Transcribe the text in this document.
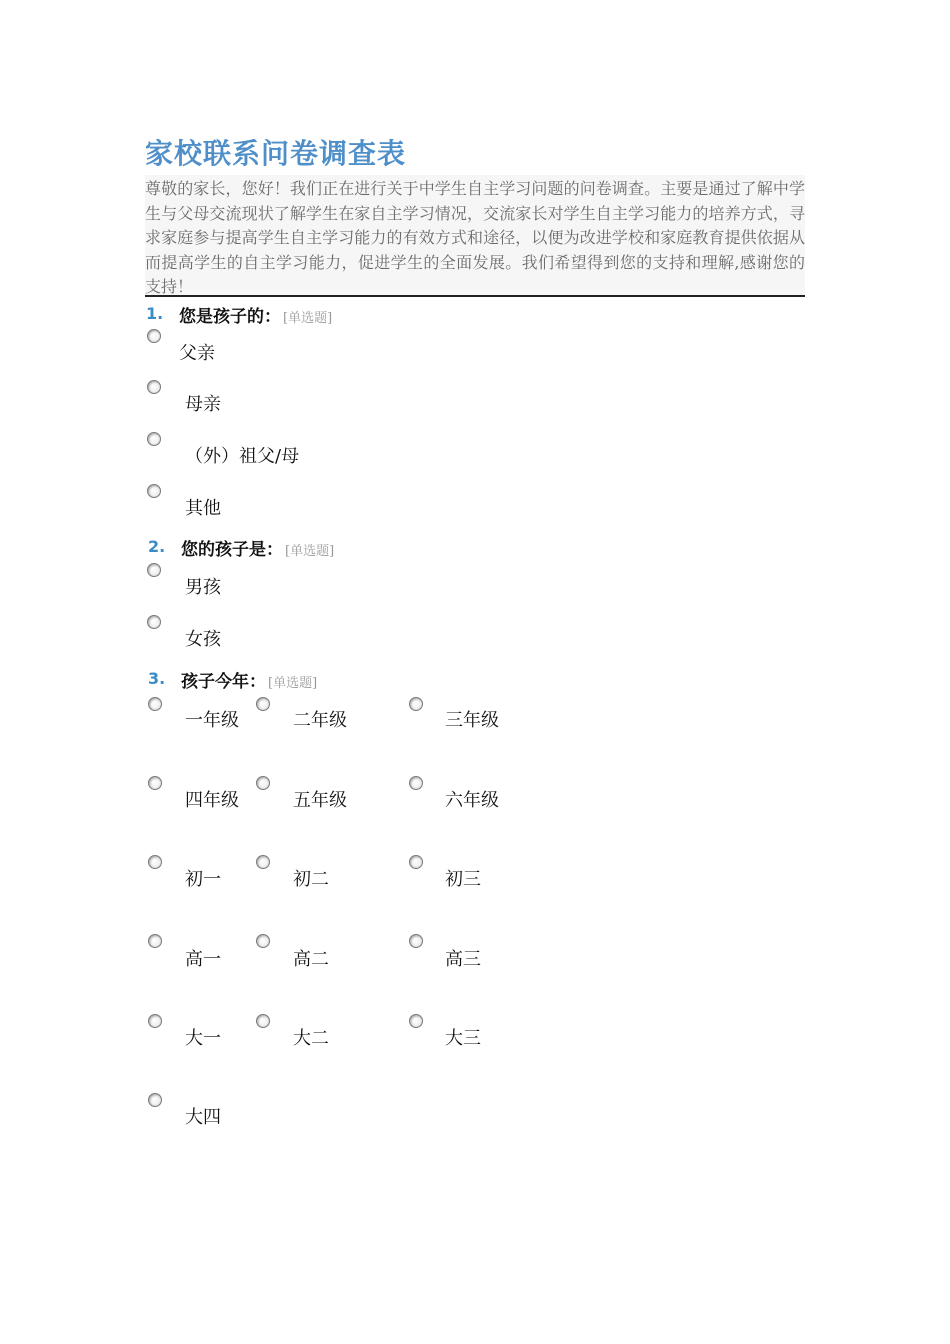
家校联系问卷调查表
尊敬的家长，您好！我们正在进行关于中学生自主学习问题的问卷调查。主要是通过了解中学生与父母交流现状了解学生在家自主学习情况，交流家长对学生自主学习能力的培养方式，寻求家庭参与提高学生自主学习能力的有效方式和途径，以便为改进学校和家庭教育提供依据从而提高学生的自主学习能力，促进学生的全面发展。我们希望得到您的支持和理解,感谢您的支持！
1. 您是孩子的： [单选题]
父亲
母亲
（外）祖父/母
其他
2. 您的孩子是： [单选题]
男孩
女孩
3. 孩子今年： [单选题]
一年级	二年级	三年级
四年级	五年级	六年级
初一	初二	初三
高一	高二	高三
大一	大二	大三
大四
